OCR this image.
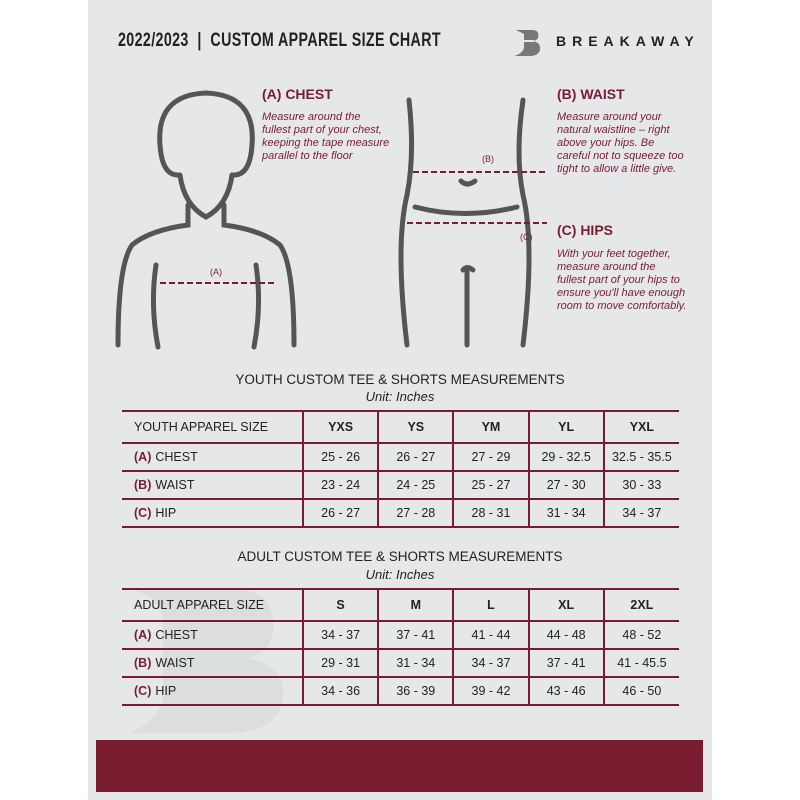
2022/2023  |  CUSTOM APPAREL SIZE CHART	BREAKAWAY
(A)
(B)
(C)
(A) CHEST
Measure around the fullest part of your chest, keeping the tape measure parallel to the floor
(B) WAIST
Measure around your natural waistline – right above your hips. Be careful not to squeeze too tight to allow a little give.
(C) HIPS
With your feet together, measure around the fullest part of your hips to ensure you'll have enough room to move comfortably.
YOUTH CUSTOM TEE & SHORTS MEASUREMENTS
Unit: Inches
YOUTH APPAREL SIZE	YXS	YS	YM	YL	YXL
(A) CHEST	25 - 26	26 - 27	27 - 29	29 - 32.5	32.5 - 35.5
(B) WAIST	23 - 24	24 - 25	25 - 27	27 - 30	30 - 33
(C) HIP	26 - 27	27 - 28	28 - 31	31 - 34	34 - 37
ADULT CUSTOM TEE & SHORTS MEASUREMENTS
Unit: Inches
ADULT APPAREL SIZE	S	M	L	XL	2XL
(A) CHEST	34 - 37	37 - 41	41 - 44	44 - 48	48 - 52
(B) WAIST	29 - 31	31 - 34	34 - 37	37 - 41	41 - 45.5
(C) HIP	34 - 36	36 - 39	39 - 42	43 - 46	46 - 50
